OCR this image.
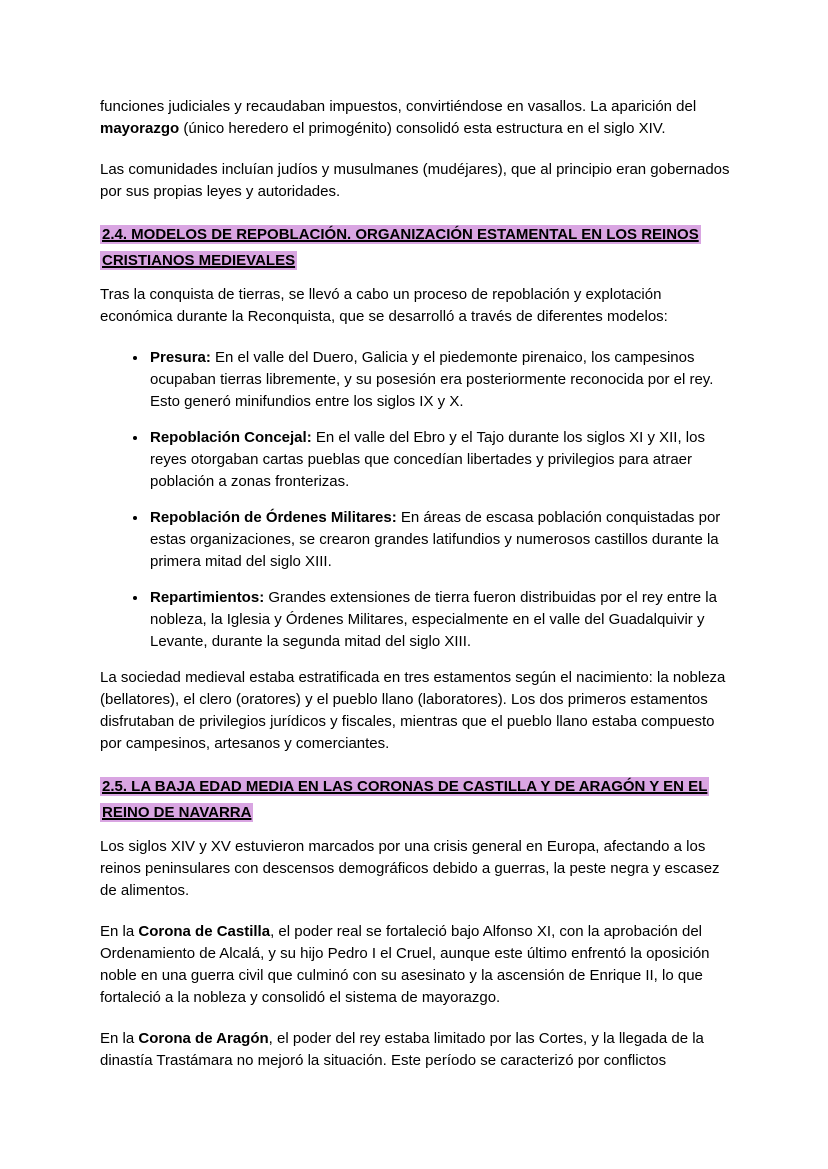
funciones judiciales y recaudaban impuestos, convirtiéndose en vasallos. La aparición del mayorazgo (único heredero el primogénito) consolidó esta estructura en el siglo XIV.

Las comunidades incluían judíos y musulmanes (mudéjares), que al principio eran gobernados por sus propias leyes y autoridades.

2.4. MODELOS DE REPOBLACIÓN. ORGANIZACIÓN ESTAMENTAL EN LOS REINOS CRISTIANOS MEDIEVALES

Tras la conquista de tierras, se llevó a cabo un proceso de repoblación y explotación económica durante la Reconquista, que se desarrolló a través de diferentes modelos:

• Presura: En el valle del Duero, Galicia y el piedemonte pirenaico, los campesinos ocupaban tierras libremente, y su posesión era posteriormente reconocida por el rey. Esto generó minifundios entre los siglos IX y X.
• Repoblación Concejal: En el valle del Ebro y el Tajo durante los siglos XI y XII, los reyes otorgaban cartas pueblas que concedían libertades y privilegios para atraer población a zonas fronterizas.
• Repoblación de Órdenes Militares: En áreas de escasa población conquistadas por estas organizaciones, se crearon grandes latifundios y numerosos castillos durante la primera mitad del siglo XIII.
• Repartimientos: Grandes extensiones de tierra fueron distribuidas por el rey entre la nobleza, la Iglesia y Órdenes Militares, especialmente en el valle del Guadalquivir y Levante, durante la segunda mitad del siglo XIII.

La sociedad medieval estaba estratificada en tres estamentos según el nacimiento: la nobleza (bellatores), el clero (oratores) y el pueblo llano (laboratores). Los dos primeros estamentos disfrutaban de privilegios jurídicos y fiscales, mientras que el pueblo llano estaba compuesto por campesinos, artesanos y comerciantes.

2.5. LA BAJA EDAD MEDIA EN LAS CORONAS DE CASTILLA Y DE ARAGÓN Y EN EL REINO DE NAVARRA

Los siglos XIV y XV estuvieron marcados por una crisis general en Europa, afectando a los reinos peninsulares con descensos demográficos debido a guerras, la peste negra y escasez de alimentos.

En la Corona de Castilla, el poder real se fortaleció bajo Alfonso XI, con la aprobación del Ordenamiento de Alcalá, y su hijo Pedro I el Cruel, aunque este último enfrentó la oposición noble en una guerra civil que culminó con su asesinato y la ascensión de Enrique II, lo que fortaleció a la nobleza y consolidó el sistema de mayorazgo.

En la Corona de Aragón, el poder del rey estaba limitado por las Cortes, y la llegada de la dinastía Trastámara no mejoró la situación. Este período se caracterizó por conflictos
